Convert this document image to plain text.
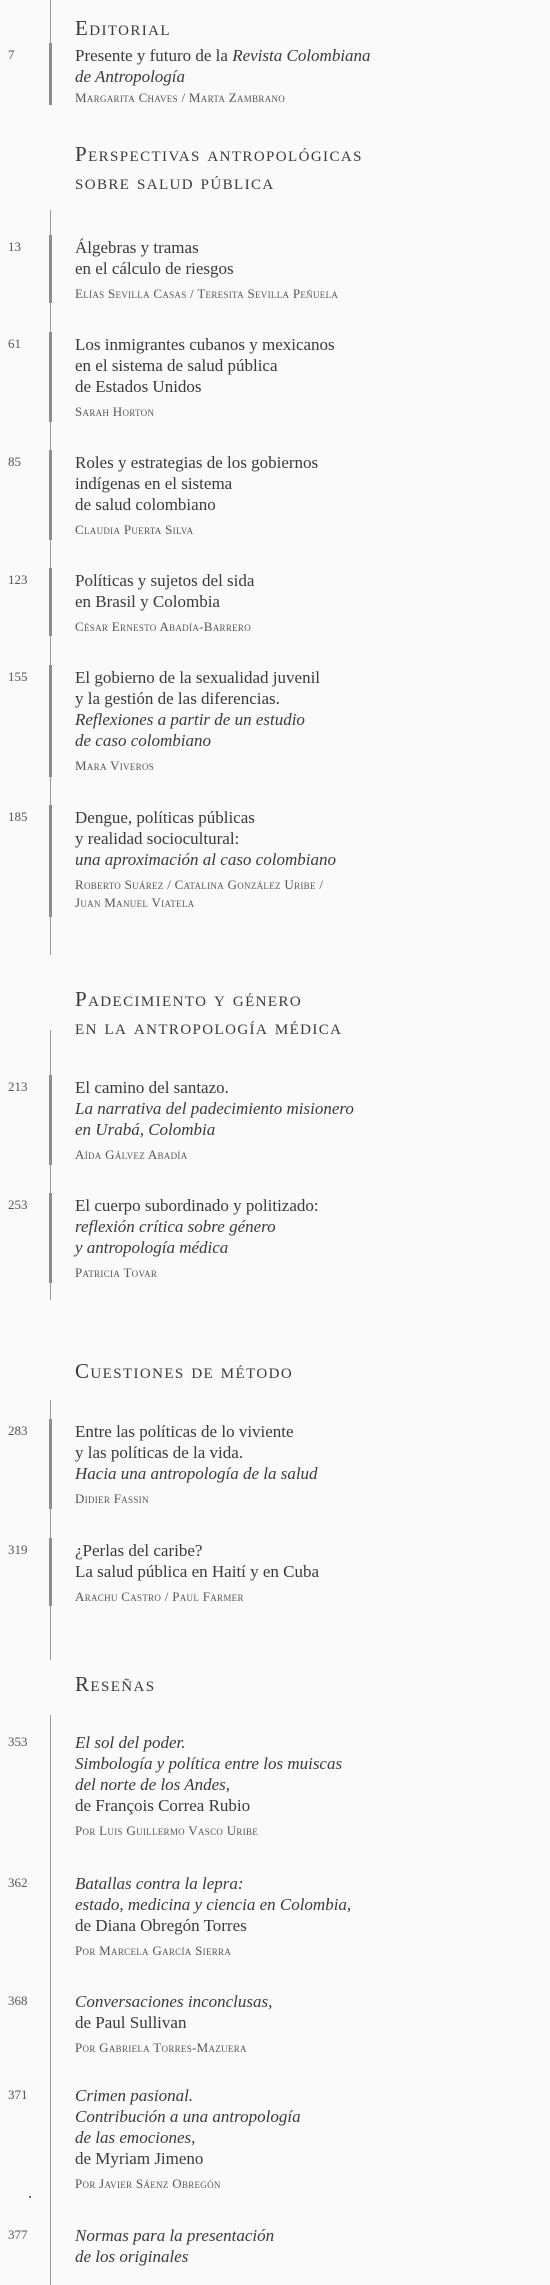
Editorial
7	Presente y futuro de la Revista Colombiana
de Antropología
Margarita Chaves / Marta Zambrano
Perspectivas antropológicas
sobre salud pública
13	Álgebras y tramas
en el cálculo de riesgos
Elías Sevilla Casas / Teresita Sevilla Peñuela
61	Los inmigrantes cubanos y mexicanos
en el sistema de salud pública
de Estados Unidos
Sarah Horton
85	Roles y estrategias de los gobiernos
indígenas en el sistema
de salud colombiano
Claudia Puerta Silva
123	Políticas y sujetos del sida
en Brasil y Colombia
César Ernesto Abadía-Barrero
155	El gobierno de la sexualidad juvenil
y la gestión de las diferencias.
Reflexiones a partir de un estudio
de caso colombiano
Mara Viveros
185	Dengue, políticas públicas
y realidad sociocultural:
una aproximación al caso colombiano
Roberto Suárez / Catalina González Uribe /
Juan Manuel Viatela
Padecimiento y género
en la antropología médica
213	El camino del santazo.
La narrativa del padecimiento misionero
en Urabá, Colombia
Aída Gálvez Abadía
253	El cuerpo subordinado y politizado:
reflexión crítica sobre género
y antropología médica
Patricia Tovar
Cuestiones de método
283	Entre las políticas de lo viviente
y las políticas de la vida.
Hacia una antropología de la salud
Didier Fassin
319	¿Perlas del caribe?
La salud pública en Haití y en Cuba
Arachu Castro / Paul Farmer
Reseñas
353	El sol del poder.
Simbología y política entre los muiscas
del norte de los Andes,
de François Correa Rubio
Por Luis Guillermo Vasco Uribe
362	Batallas contra la lepra:
estado, medicina y ciencia en Colombia,
de Diana Obregón Torres
Por Marcela García Sierra
368	Conversaciones inconclusas,
de Paul Sullivan
Por Gabriela Torres-Mazuera
371	Crimen pasional.
Contribución a una antropología
de las emociones,
de Myriam Jimeno
Por Javier Sáenz Obregón
377	Normas para la presentación
de los originales
